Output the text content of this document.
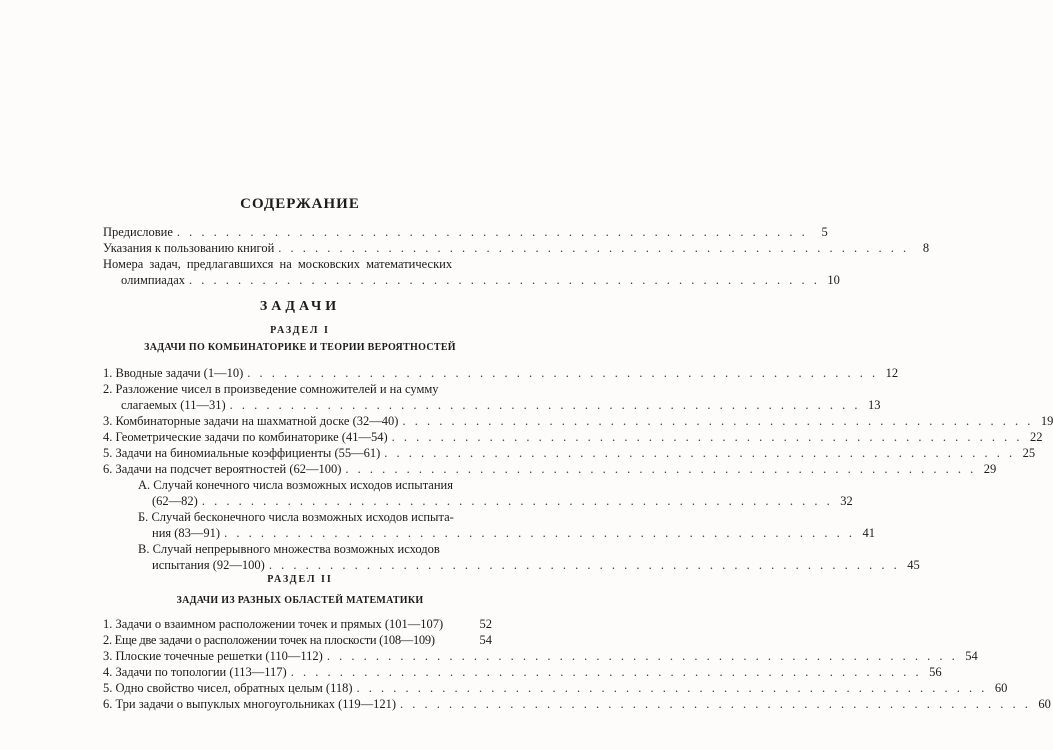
СОДЕРЖАНИЕ
Предисловие . . . . . . . . . . . . . . . . . . . . . . . . . . . . . . . . . . . . . . . . . . . . . . . . . . . .	5
Указания к пользованию книгой . . . . . . . . . . . . . . . . . . . . . . . . . . . . . . . . . . . . . . . . . . . . . . . . . . . .	8
Номера задач, предлагавшихся на московских математических
олимпиадах . . . . . . . . . . . . . . . . . . . . . . . . . . . . . . . . . . . . . . . . . . . . . . . . . . . . 10
ЗАДАЧИ
РАЗДЕЛ I
ЗАДАЧИ ПО КОМБИНАТОРИКЕ И ТЕОРИИ ВЕРОЯТНОСТЕЙ
1. Вводные задачи (1—10) . . . . . . . . . . . . . . . . . . . . . . . . . . . . . . . . . . . . . . . . . . . . . . . . . . . . 12
2. Разложение чисел в произведение сомножителей и на сумму
слагаемых (11—31) . . . . . . . . . . . . . . . . . . . . . . . . . . . . . . . . . . . . . . . . . . . . . . . . . . . . 13
3. Комбинаторные задачи на шахматной доске (32—40) . . . . . . . . . . . . . . . . . . . . . . . . . . . . . . . . . . . . . . . . . . . . . . . . . . . . 19
4. Геометрические задачи по комбинаторике (41—54) . . . . . . . . . . . . . . . . . . . . . . . . . . . . . . . . . . . . . . . . . . . . . . . . . . . . 22
5. Задачи на биномиальные коэффициенты (55—61) . . . . . . . . . . . . . . . . . . . . . . . . . . . . . . . . . . . . . . . . . . . . . . . . . . . . 25
6. Задачи на подсчет вероятностей (62—100) . . . . . . . . . . . . . . . . . . . . . . . . . . . . . . . . . . . . . . . . . . . . . . . . . . . . 29
А. Случай конечного числа возможных исходов испытания
(62—82) . . . . . . . . . . . . . . . . . . . . . . . . . . . . . . . . . . . . . . . . . . . . . . . . . . . . 32
Б. Случай бесконечного числа возможных исходов испыта-
ния (83—91) . . . . . . . . . . . . . . . . . . . . . . . . . . . . . . . . . . . . . . . . . . . . . . . . . . . . 41
В. Случай непрерывного множества возможных исходов
испытания (92—100) . . . . . . . . . . . . . . . . . . . . . . . . . . . . . . . . . . . . . . . . . . . . . . . . . . . . 45
РАЗДЕЛ II
ЗАДАЧИ ИЗ РАЗНЫХ ОБЛАСТЕЙ МАТЕМАТИКИ
1. Задачи о взаимном расположении точек и прямых (101—107)	52
2. Еще две задачи о расположении точек на плоскости (108—109)	54
3. Плоские точечные решетки (110—112) . . . . . . . . . . . . . . . . . . . . . . . . . . . . . . . . . . . . . . . . . . . . . . . . . . . . 54
4. Задачи по топологии (113—117) . . . . . . . . . . . . . . . . . . . . . . . . . . . . . . . . . . . . . . . . . . . . . . . . . . . . 56
5. Одно свойство чисел, обратных целым (118) . . . . . . . . . . . . . . . . . . . . . . . . . . . . . . . . . . . . . . . . . . . . . . . . . . . . 60
6. Три задачи о выпуклых многоугольниках (119—121) . . . . . . . . . . . . . . . . . . . . . . . . . . . . . . . . . . . . . . . . . . . . . . . . . . . . 60
